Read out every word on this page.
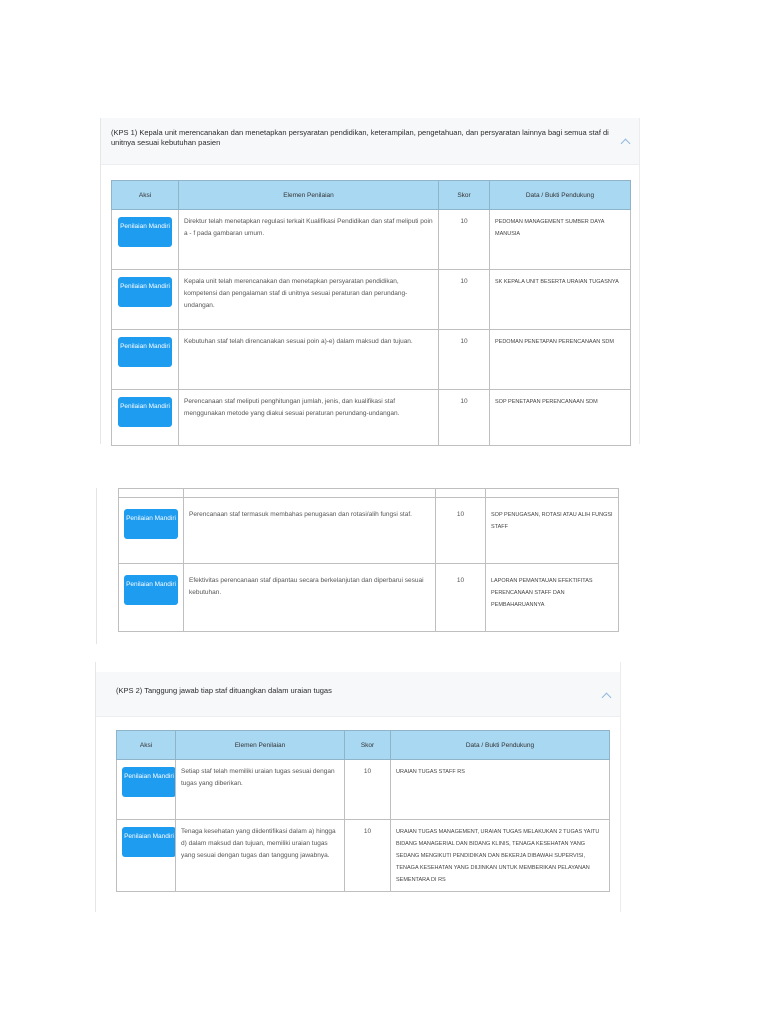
(KPS 1) Kepala unit merencanakan dan menetapkan persyaratan pendidikan, keterampilan, pengetahuan, dan persyaratan lainnya bagi semua staf di unitnya sesuai kebutuhan pasien
Aksi	Elemen Penilaian	Skor	Data / Bukti Pendukung

Penilaian Mandiri	Direktur telah menetapkan regulasi terkait Kualifikasi Pendidikan dan staf meliputi poin a - f pada gambaran umum.	10	PEDOMAN MANAGEMENT SUMBER DAYA MANUSIA

Penilaian Mandiri	Kepala unit telah merencanakan dan menetapkan persyaratan pendidikan, kompetensi dan pengalaman staf di unitnya sesuai peraturan dan perundang-undangan.	10	SK KEPALA UNIT BESERTA URAIAN TUGASNYA

Penilaian Mandiri	Kebutuhan staf telah direncanakan sesuai poin a)-e) dalam maksud dan tujuan.	10	PEDOMAN PENETAPAN PERENCANAAN SDM

Penilaian Mandiri	Perencanaan staf meliputi penghitungan jumlah, jenis, dan kualifikasi staf menggunakan metode yang diakui sesuai peraturan perundang-undangan.	10	SOP PENETAPAN PERENCANAAN SDM

Penilaian Mandiri	Perencanaan staf termasuk membahas penugasan dan rotasi/alih fungsi staf.	10	SOP PENUGASAN, ROTASI ATAU ALIH FUNGSI STAFF

Penilaian Mandiri	Efektivitas perencanaan staf dipantau secara berkelanjutan dan diperbarui sesuai kebutuhan.	10	LAPORAN PEMANTAUAN EFEKTIFITAS PERENCANAAN STAFF DAN PEMBAHARUANNYA
(KPS 2) Tanggung jawab tiap staf dituangkan dalam uraian tugas
Aksi	Elemen Penilaian	Skor	Data / Bukti Pendukung

Penilaian Mandiri	Setiap staf telah memiliki uraian tugas sesuai dengan tugas yang diberikan.	10	URAIAN TUGAS STAFF RS

Penilaian Mandiri	Tenaga kesehatan yang diidentifikasi dalam a) hingga d) dalam maksud dan tujuan, memiliki uraian tugas yang sesuai dengan tugas dan tanggung jawabnya.	10	URAIAN TUGAS MANAGEMENT, URAIAN TUGAS MELAKUKAN 2 TUGAS YAITU BIDANG MANAGERIAL DAN BIDANG KLINIS, TENAGA KESEHATAN YANG SEDANG MENGIKUTI PENDIDIKAN DAN BEKERJA DIBAWAH SUPERVISI, TENAGA KESEHATAN YANG DIIJINKAN UNTUK MEMBERIKAN PELAYANAN SEMENTARA DI RS
